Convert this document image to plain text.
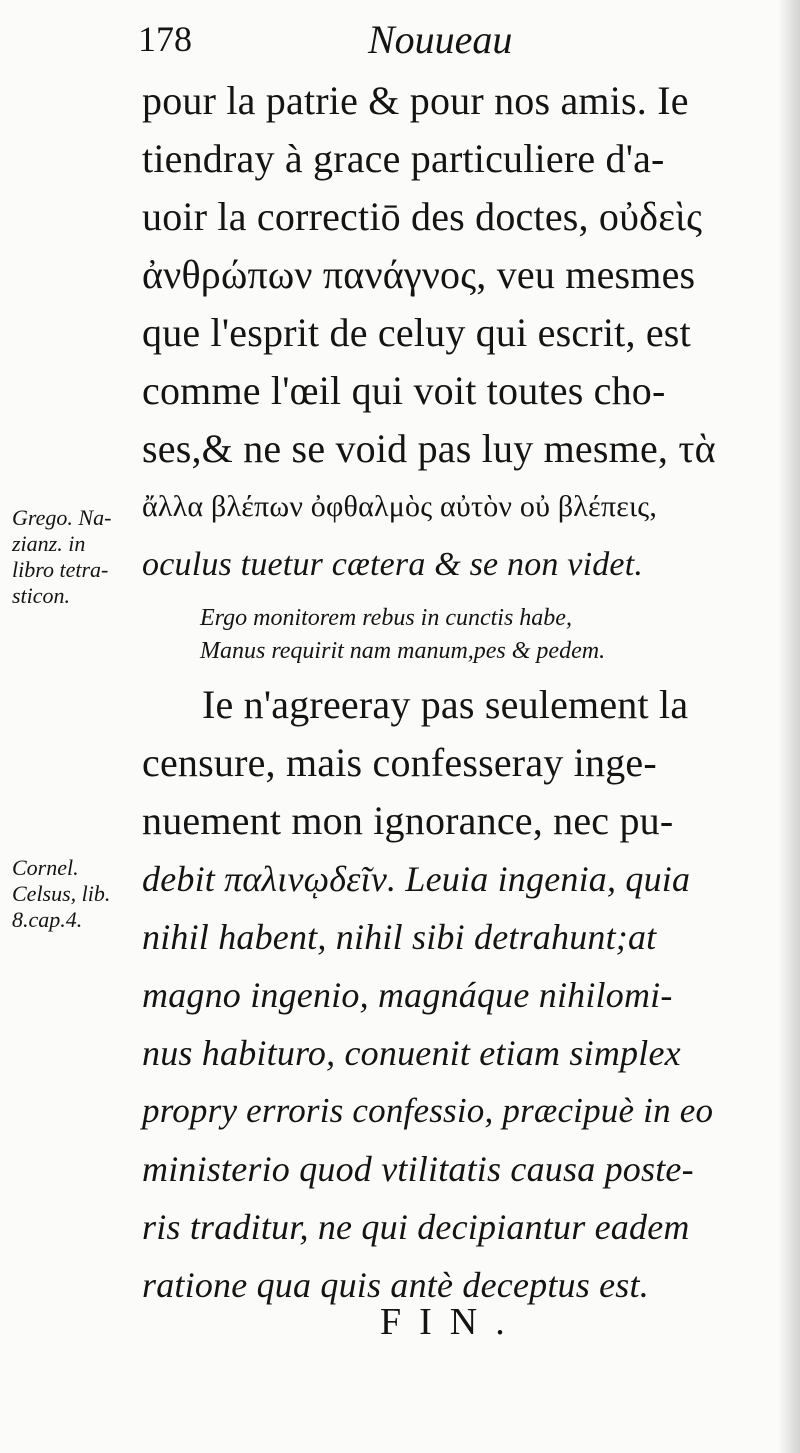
178	Nouueau
pour la patrie & pour nos amis. Ie
tiendray à grace particuliere d'a-
uoir la correctiō des doctes, οὐδεὶς
ἀνθρώπων πανάγνος, veu mesmes
que l'esprit de celuy qui escrit, est
comme l'œil qui voit toutes cho-
ses,& ne se void pas luy mesme, τὰ
ἄλλα βλέπων ὀφθαλμὸς αὐτὸν οὐ βλέπεις,
oculus tuetur cætera & se non videt.
Ergo monitorem rebus in cunctis habe,
Manus requirit nam manum,pes & pedem.
Ie n'agreeray pas seulement la
censure, mais confesseray inge-
nuement mon ignorance, nec pu-
debit παλινῳδεῖν. Leuia ingenia, quia
nihil habent, nihil sibi detrahunt;at
magno ingenio, magnáque nihilomi-
nus habituro, conuenit etiam simplex
propry erroris confessio, præcipuè in eo
ministerio quod vtilitatis causa poste-
ris traditur, ne qui decipiantur eadem
ratione qua quis antè deceptus est.
Grego. Na-
zianz. in
libro tetra-
sticon.
Cornel.
Celsus, lib.
8.cap.4.
FIN.
